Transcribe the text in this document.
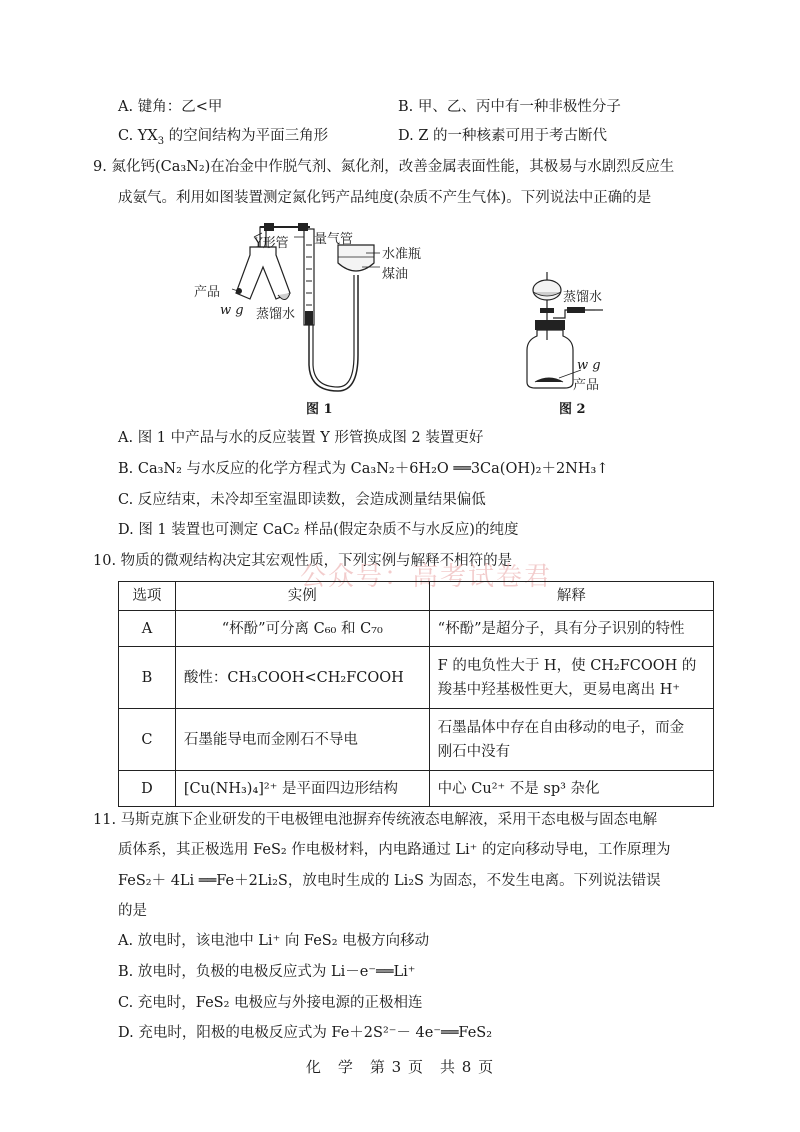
A. 键角：乙<甲	B. 甲、乙、丙中有一种非极性分子
C. $YX_3$ 的空间结构为平面三角形	D. Z 的一种核素可用于考古断代
9. 氮化钙(Ca₃N₂)在冶金中作脱气剂、氮化剂，改善金属表面性能，其极易与水剧烈反应生
成氨气。利用如图装置测定氮化钙产品纯度(杂质不产生气体)。下列说法中正确的是
Y形管 量气管
水准瓶
煤油
产品
w g 蒸馏水
图 1
蒸馏水
w g
产品
图 2
A. 图 1 中产品与水的反应装置 Y 形管换成图 2 装置更好
B. Ca₃N₂ 与水反应的化学方程式为 Ca₃N₂＋6H₂O ══3Ca(OH)₂＋2NH₃↑
C. 反应结束，未冷却至室温即读数，会造成测量结果偏低
D. 图 1 装置也可测定 CaC₂ 样品(假定杂质不与水反应)的纯度
10. 物质的微观结构决定其宏观性质，下列实例与解释不相符的是
公众号：高考试卷君
选项	实例	解释
A	“杯酚”可分离 C₆₀ 和 C₇₀	“杯酚”是超分子，具有分子识别的特性

B	酸性：CH₃COOH<CH₂FCOOH	F 的电负性大于 H，使 CH₂FCOOH 的
羧基中羟基极性更大，更易电离出 H⁺

C	石墨能导电而金刚石不导电	石墨晶体中存在自由移动的电子，而金
刚石中没有

D	[Cu(NH₃)₄]²⁺ 是平面四边形结构	中心 Cu²⁺ 不是 sp³ 杂化
11. 马斯克旗下企业研发的干电极锂电池摒弃传统液态电解液，采用干态电极与固态电解
质体系，其正极选用 FeS₂ 作电极材料，内电路通过 Li⁺ 的定向移动导电，工作原理为
FeS₂＋ 4Li ══Fe＋2Li₂S，放电时生成的 Li₂S 为固态，不发生电离。下列说法错误
的是
A. 放电时，该电池中 Li⁺ 向 FeS₂ 电极方向移动
B. 放电时，负极的电极反应式为 Li－e⁻══Li⁺
C. 充电时，FeS₂ 电极应与外接电源的正极相连
D. 充电时，阳极的电极反应式为 Fe＋2S²⁻－ 4e⁻══FeS₂
化　学　第 3 页　共 8 页
